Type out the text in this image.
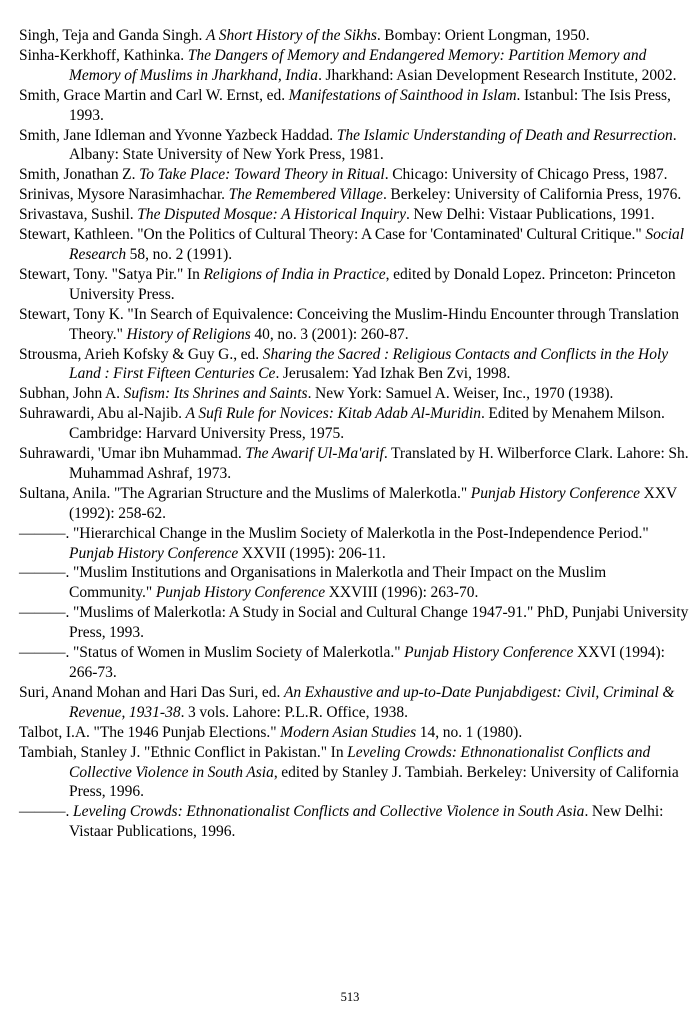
Singh, Teja and Ganda Singh. A Short History of the Sikhs. Bombay: Orient Longman, 1950.

Sinha-Kerkhoff, Kathinka. The Dangers of Memory and Endangered Memory: Partition Memory and Memory of Muslims in Jharkhand, India. Jharkhand: Asian Development Research Institute, 2002.

Smith, Grace Martin and Carl W. Ernst, ed. Manifestations of Sainthood in Islam. Istanbul: The Isis Press, 1993.

Smith, Jane Idleman and Yvonne Yazbeck Haddad. The Islamic Understanding of Death and Resurrection. Albany: State University of New York Press, 1981.

Smith, Jonathan Z. To Take Place: Toward Theory in Ritual. Chicago: University of Chicago Press, 1987.

Srinivas, Mysore Narasimhachar. The Remembered Village. Berkeley: University of California Press, 1976.

Srivastava, Sushil. The Disputed Mosque: A Historical Inquiry. New Delhi: Vistaar Publications, 1991.

Stewart, Kathleen. "On the Politics of Cultural Theory: A Case for 'Contaminated' Cultural Critique." Social Research 58, no. 2 (1991).

Stewart, Tony. "Satya Pir." In Religions of India in Practice, edited by Donald Lopez. Princeton: Princeton University Press.

Stewart, Tony K. "In Search of Equivalence: Conceiving the Muslim-Hindu Encounter through Translation Theory." History of Religions 40, no. 3 (2001): 260-87.

Strousma, Arieh Kofsky & Guy G., ed. Sharing the Sacred : Religious Contacts and Conflicts in the Holy Land : First Fifteen Centuries Ce. Jerusalem: Yad Izhak Ben Zvi, 1998.

Subhan, John A. Sufism: Its Shrines and Saints. New York: Samuel A. Weiser, Inc., 1970 (1938).

Suhrawardi, Abu al-Najib. A Sufi Rule for Novices: Kitab Adab Al-Muridin. Edited by Menahem Milson. Cambridge: Harvard University Press, 1975.

Suhrawardi, 'Umar ibn Muhammad. The Awarif Ul-Ma'arif. Translated by H. Wilberforce Clark. Lahore: Sh. Muhammad Ashraf, 1973.

Sultana, Anila. "The Agrarian Structure and the Muslims of Malerkotla." Punjab History Conference XXV (1992): 258-62.

———. "Hierarchical Change in the Muslim Society of Malerkotla in the Post-Independence Period." Punjab History Conference XXVII (1995): 206-11.

———. "Muslim Institutions and Organisations in Malerkotla and Their Impact on the Muslim Community." Punjab History Conference XXVIII (1996): 263-70.

———. "Muslims of Malerkotla: A Study in Social and Cultural Change 1947-91." PhD, Punjabi University Press, 1993.

———. "Status of Women in Muslim Society of Malerkotla." Punjab History Conference XXVI (1994): 266-73.

Suri, Anand Mohan and Hari Das Suri, ed. An Exhaustive and up-to-Date Punjabdigest: Civil, Criminal & Revenue, 1931-38. 3 vols. Lahore: P.L.R. Office, 1938.

Talbot, I.A. "The 1946 Punjab Elections." Modern Asian Studies 14, no. 1 (1980).

Tambiah, Stanley J. "Ethnic Conflict in Pakistan." In Leveling Crowds: Ethnonationalist Conflicts and Collective Violence in South Asia, edited by Stanley J. Tambiah. Berkeley: University of California Press, 1996.

———. Leveling Crowds: Ethnonationalist Conflicts and Collective Violence in South Asia. New Delhi: Vistaar Publications, 1996.

513
